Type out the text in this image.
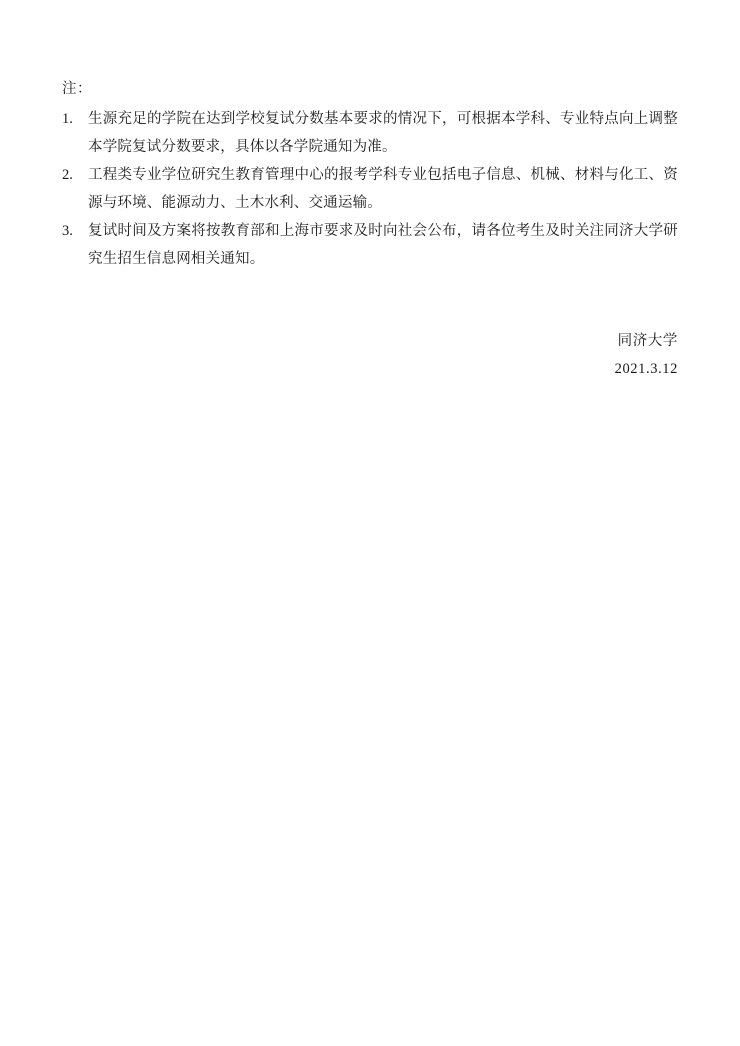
注：
1.	生源充足的学院在达到学校复试分数基本要求的情况下，可根据本学科、专业特点向上调整本学院复试分数要求，具体以各学院通知为准。
2.	工程类专业学位研究生教育管理中心的报考学科专业包括电子信息、机械、材料与化工、资源与环境、能源动力、土木水利、交通运输。
3.	复试时间及方案将按教育部和上海市要求及时向社会公布，请各位考生及时关注同济大学研究生招生信息网相关通知。
同济大学
2021.3.12
